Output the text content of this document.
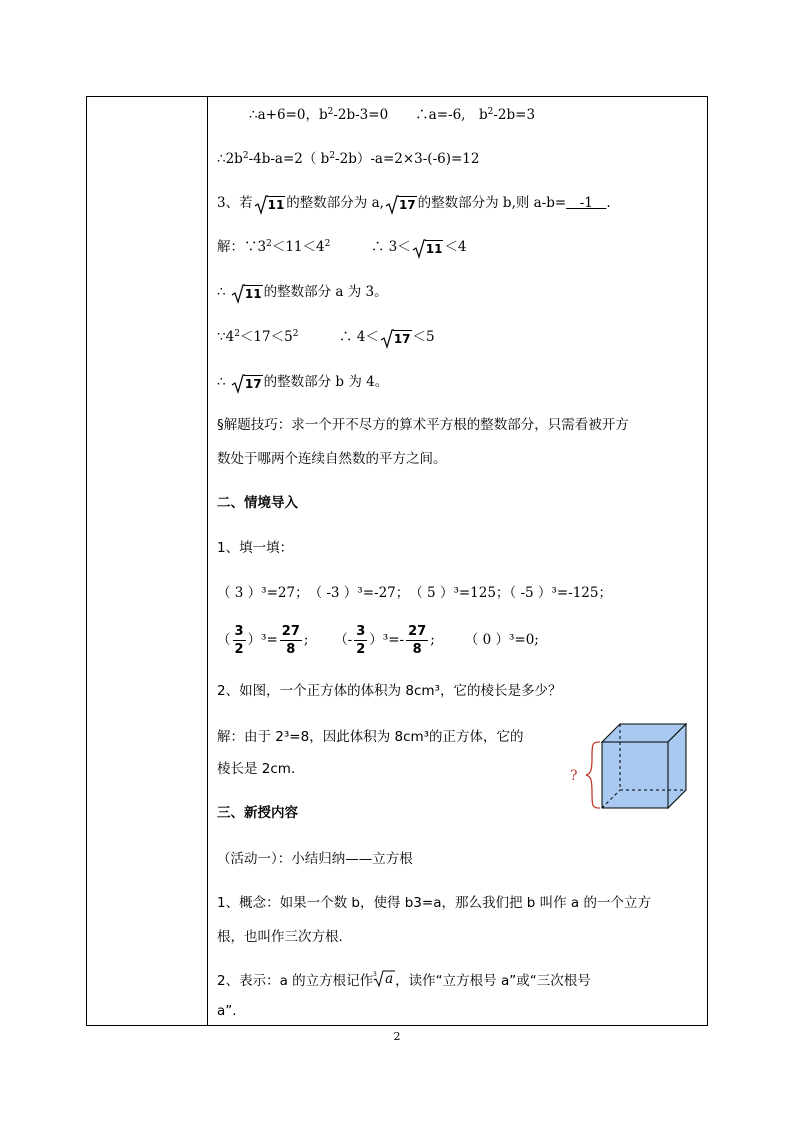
∴a+6=0，$b^2-2b-3=0$　　∴a=-6,　$b^2-2b=3$
$\therefore 2b^2-4b-a=2$（ $b^2-2b)-a=2\times 3-(-6)=12$
3、若 11 的整数部分为 a, 17 的整数部分为 b,则 a-b=　-1　.
解：$\because 3^2<11<4^2$　　　∴ 3＜ 11 ＜4
∴
11 的整数部分 a 为 3。
$\because 4^2<17<5^2$　　　∴ 4＜ 17 ＜5
∴
17 的整数部分 b 为 4。
§解题技巧：求一个开不尽方的算术平方根的整数部分，只需看被开方
数处于哪两个连续自然数的平方之间。
二、情境导入
1、填一填：
（ 3 ）³=27；　（ -3 ）³=-27；　（ 5 ）³=125；（ -5 ）³=-125；
（ $\frac{3}{2} )^3= \frac{27}{8}$ ; （- $\frac{3}{2} )^3=- \frac{27}{8}$ ; （ 0 ）³=0;
2、如图，一个正方体的体积为 8cm³，它的棱长是多少？
解：由于 2³=8，因此体积为 8cm³的正方体，它的
棱长是 2cm.
三、新授内容
（活动一）：小结归纳——立方根
1、概念：如果一个数 b，使得 b3=a，那么我们把 b 叫作 a 的一个立方
根，也叫作三次方根.
2、表示：a 的立方根记作 3 a ，读作“立方根号 a”或“三次根号
a”.
?
2
